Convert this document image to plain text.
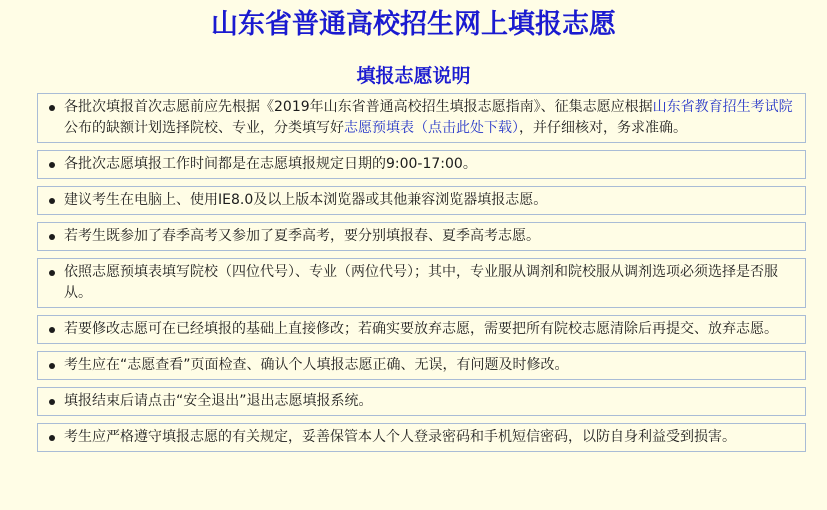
山东省普通高校招生网上填报志愿
填报志愿说明
各批次填报首次志愿前应先根据《2019年山东省普通高校招生填报志愿指南》、征集志愿应根据山东省教育招生考试院公布的缺额计划选择院校、专业，分类填写好志愿预填表（点击此处下载），并仔细核对，务求准确。
各批次志愿填报工作时间都是在志愿填报规定日期的9:00-17:00。
建议考生在电脑上、使用IE8.0及以上版本浏览器或其他兼容浏览器填报志愿。
若考生既参加了春季高考又参加了夏季高考，要分别填报春、夏季高考志愿。
依照志愿预填表填写院校（四位代号）、专业（两位代号）；其中，专业服从调剂和院校服从调剂选项必须选择是否服从。
若要修改志愿可在已经填报的基础上直接修改；若确实要放弃志愿，需要把所有院校志愿清除后再提交、放弃志愿。
考生应在“志愿查看”页面检查、确认个人填报志愿正确、无误，有问题及时修改。
填报结束后请点击“安全退出”退出志愿填报系统。
考生应严格遵守填报志愿的有关规定，妥善保管本人个人登录密码和手机短信密码，以防自身利益受到损害。
